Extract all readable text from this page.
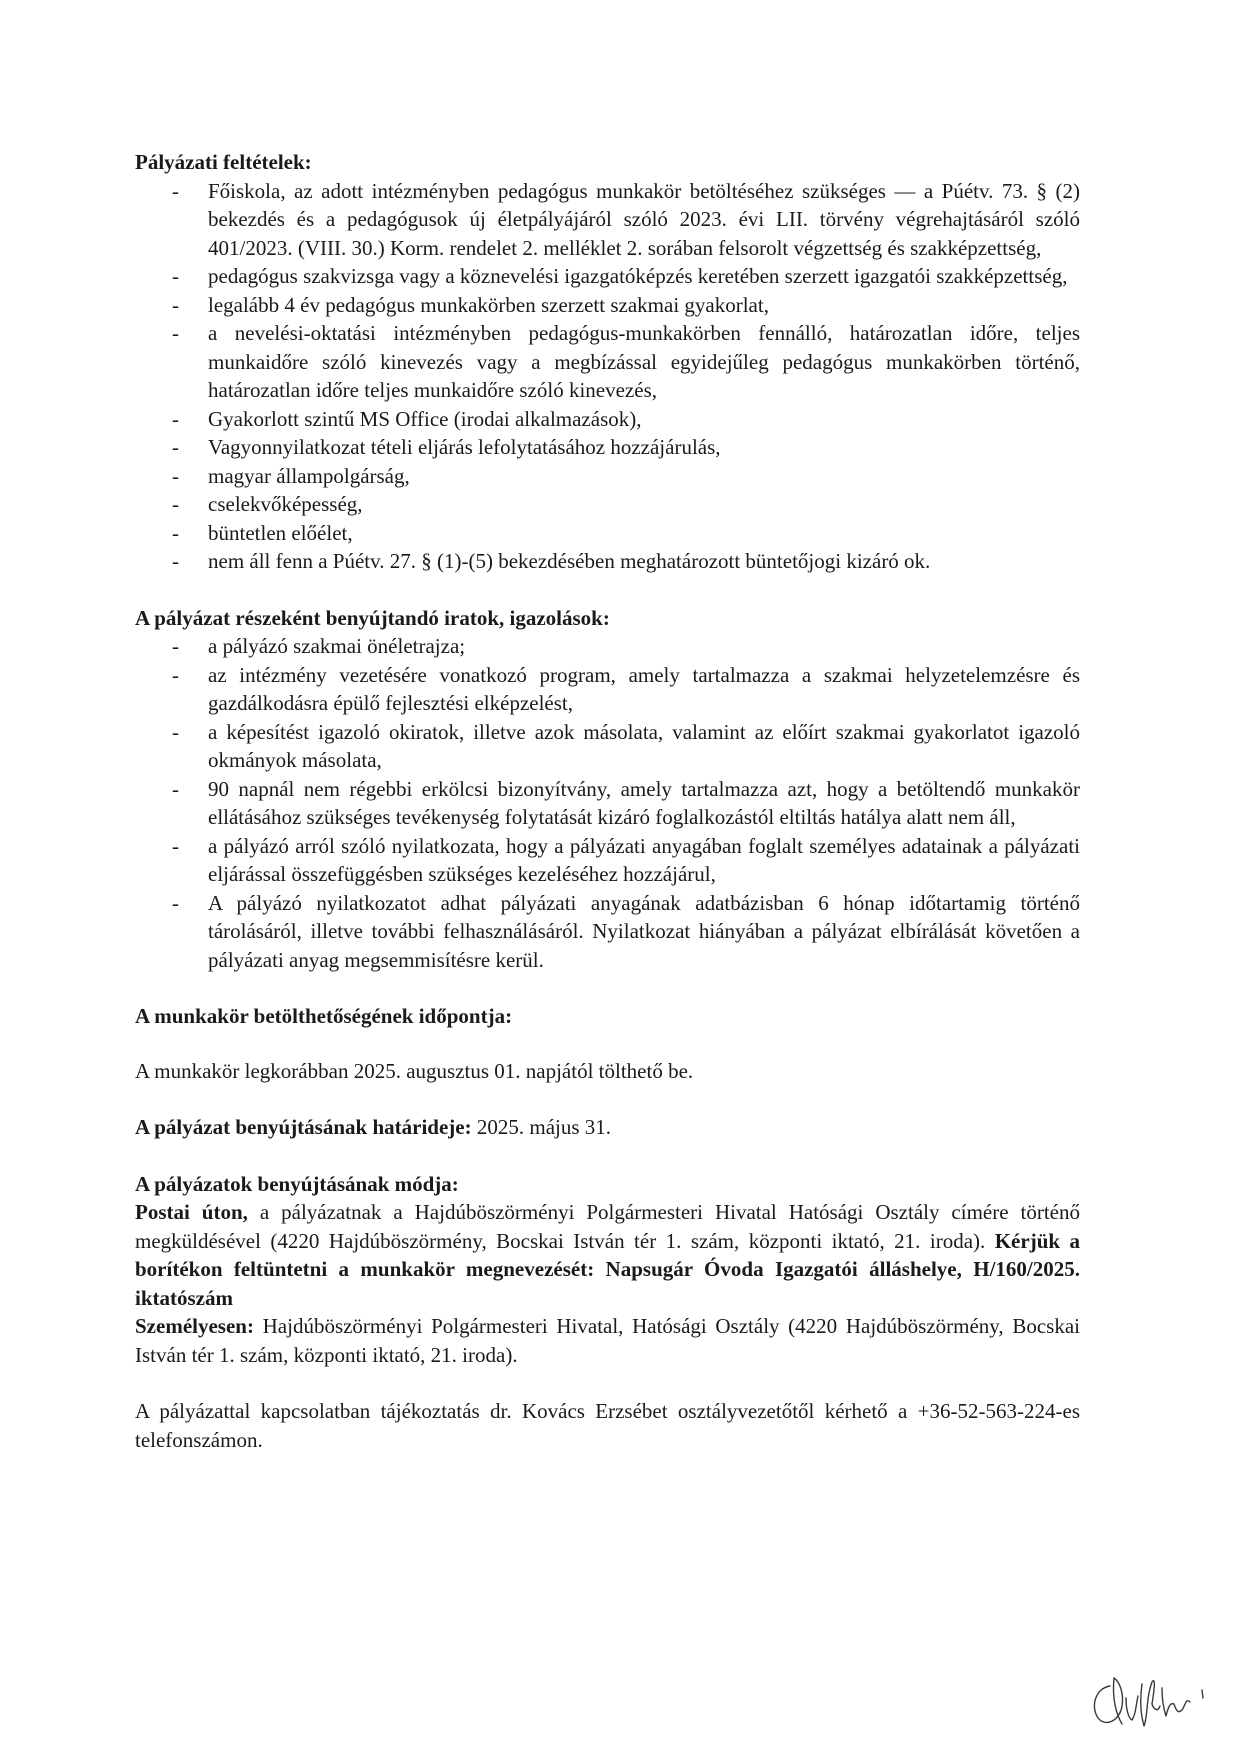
Pályázati feltételek:

- Főiskola, az adott intézményben pedagógus munkakör betöltéséhez szükséges — a Púétv. 73. § (2) bekezdés és a pedagógusok új életpályájáról szóló 2023. évi LII. törvény végrehajtásáról szóló 401/2023. (VIII. 30.) Korm. rendelet 2. melléklet 2. sorában felsorolt végzettség és szakképzettség,
- pedagógus szakvizsga vagy a köznevelési igazgatóképzés keretében szerzett igazgatói szakképzettség,
- legalább 4 év pedagógus munkakörben szerzett szakmai gyakorlat,
- a nevelési-oktatási intézményben pedagógus-munkakörben fennálló, határozatlan időre, teljes munkaidőre szóló kinevezés vagy a megbízással egyidejűleg pedagógus munkakörben történő, határozatlan időre teljes munkaidőre szóló kinevezés,
- Gyakorlott szintű MS Office (irodai alkalmazások),
- Vagyonnyilatkozat tételi eljárás lefolytatásához hozzájárulás,
- magyar állampolgárság,
- cselekvőképesség,
- büntetlen előélet,
- nem áll fenn a Púétv. 27. § (1)-(5) bekezdésében meghatározott büntetőjogi kizáró ok.

A pályázat részeként benyújtandó iratok, igazolások:

- a pályázó szakmai önéletrajza;
- az intézmény vezetésére vonatkozó program, amely tartalmazza a szakmai helyzetelemzésre és gazdálkodásra épülő fejlesztési elképzelést,
- a képesítést igazoló okiratok, illetve azok másolata, valamint az előírt szakmai gyakorlatot igazoló okmányok másolata,
- 90 napnál nem régebbi erkölcsi bizonyítvány, amely tartalmazza azt, hogy a betöltendő munkakör ellátásához szükséges tevékenység folytatását kizáró foglalkozástól eltiltás hatálya alatt nem áll,
- a pályázó arról szóló nyilatkozata, hogy a pályázati anyagában foglalt személyes adatainak a pályázati eljárással összefüggésben szükséges kezeléséhez hozzájárul,
- A pályázó nyilatkozatot adhat pályázati anyagának adatbázisban 6 hónap időtartamig történő tárolásáról, illetve további felhasználásáról. Nyilatkozat hiányában a pályázat elbírálását követően a pályázati anyag megsemmisítésre kerül.

A munkakör betölthetőségének időpontja:

A munkakör legkorábban 2025. augusztus 01. napjától tölthető be.

A pályázat benyújtásának határideje: 2025. május 31.

A pályázatok benyújtásának módja:

Postai úton, a pályázatnak a Hajdúböszörményi Polgármesteri Hivatal Hatósági Osztály címére történő megküldésével (4220 Hajdúböszörmény, Bocskai István tér 1. szám, központi iktató, 21. iroda). Kérjük a borítékon feltüntetni a munkakör megnevezését: Napsugár Óvoda Igazgatói álláshelye, H/160/2025. iktatószám

Személyesen: Hajdúböszörményi Polgármesteri Hivatal, Hatósági Osztály (4220 Hajdúböszörmény, Bocskai István tér 1. szám, központi iktató, 21. iroda).

A pályázattal kapcsolatban tájékoztatás dr. Kovács Erzsébet osztályvezetőtől kérhető a +36-52-563-224-es telefonszámon.
